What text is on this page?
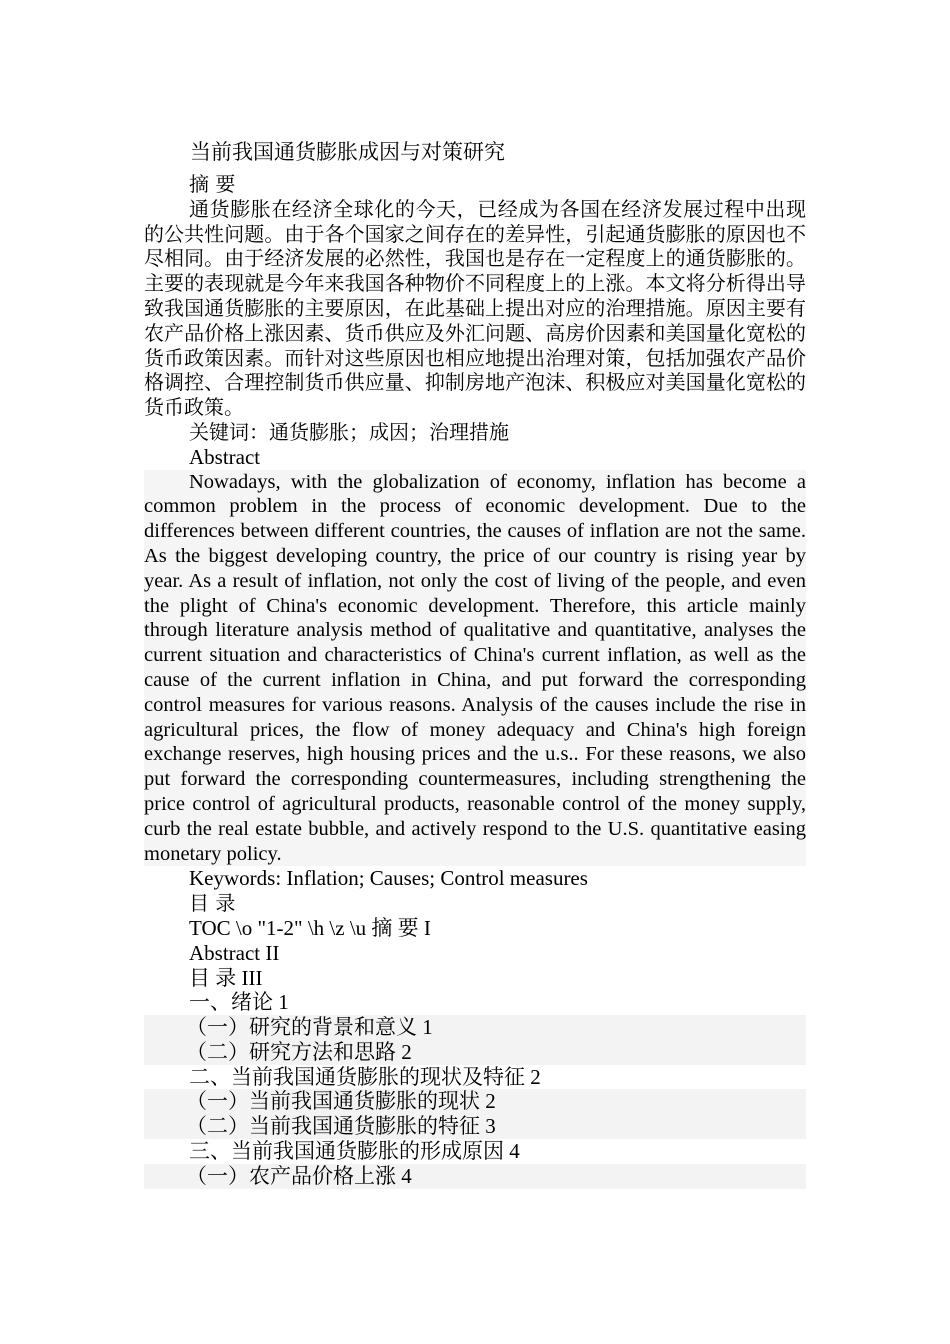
当前我国通货膨胀成因与对策研究
摘 要

通货膨胀在经济全球化的今天，已经成为各国在经济发展过程中出现的公共性问题。由于各个国家之间存在的差异性，引起通货膨胀的原因也不尽相同。由于经济发展的必然性，我国也是存在一定程度上的通货膨胀的。主要的表现就是今年来我国各种物价不同程度上的上涨。本文将分析得出导致我国通货膨胀的主要原因，在此基础上提出对应的治理措施。原因主要有农产品价格上涨因素、货币供应及外汇问题、高房价因素和美国量化宽松的货币政策因素。而针对这些原因也相应地提出治理对策，包括加强农产品价格调控、合理控制货币供应量、抑制房地产泡沫、积极应对美国量化宽松的货币政策。

关键词：通货膨胀；成因；治理措施
Abstract

Nowadays, with the globalization of economy, inflation has become a common problem in the process of economic development. Due to the differences between different countries, the causes of inflation are not the same. As the biggest developing country, the price of our country is rising year by year. As a result of inflation, not only the cost of living of the people, and even the plight of China's economic development. Therefore, this article mainly through literature analysis method of qualitative and quantitative, analyses the current situation and characteristics of China's current inflation, as well as the cause of the current inflation in China, and put forward the corresponding control measures for various reasons. Analysis of the causes include the rise in agricultural prices, the flow of money adequacy and China's high foreign exchange reserves, high housing prices and the u.s.. For these reasons, we also put forward the corresponding countermeasures, including strengthening the price control of agricultural products, reasonable control of the money supply, curb the real estate bubble, and actively respond to the U.S. quantitative easing monetary policy.

Keywords: Inflation; Causes; Control measures
目 录
TOC \o "1-2" \h \z \u 摘 要 I
Abstract II
目 录 III
一、绪论 1
（一）研究的背景和意义 1
（二）研究方法和思路 2
二、当前我国通货膨胀的现状及特征 2
（一）当前我国通货膨胀的现状 2
（二）当前我国通货膨胀的特征 3
三、当前我国通货膨胀的形成原因 4
（一）农产品价格上涨 4
